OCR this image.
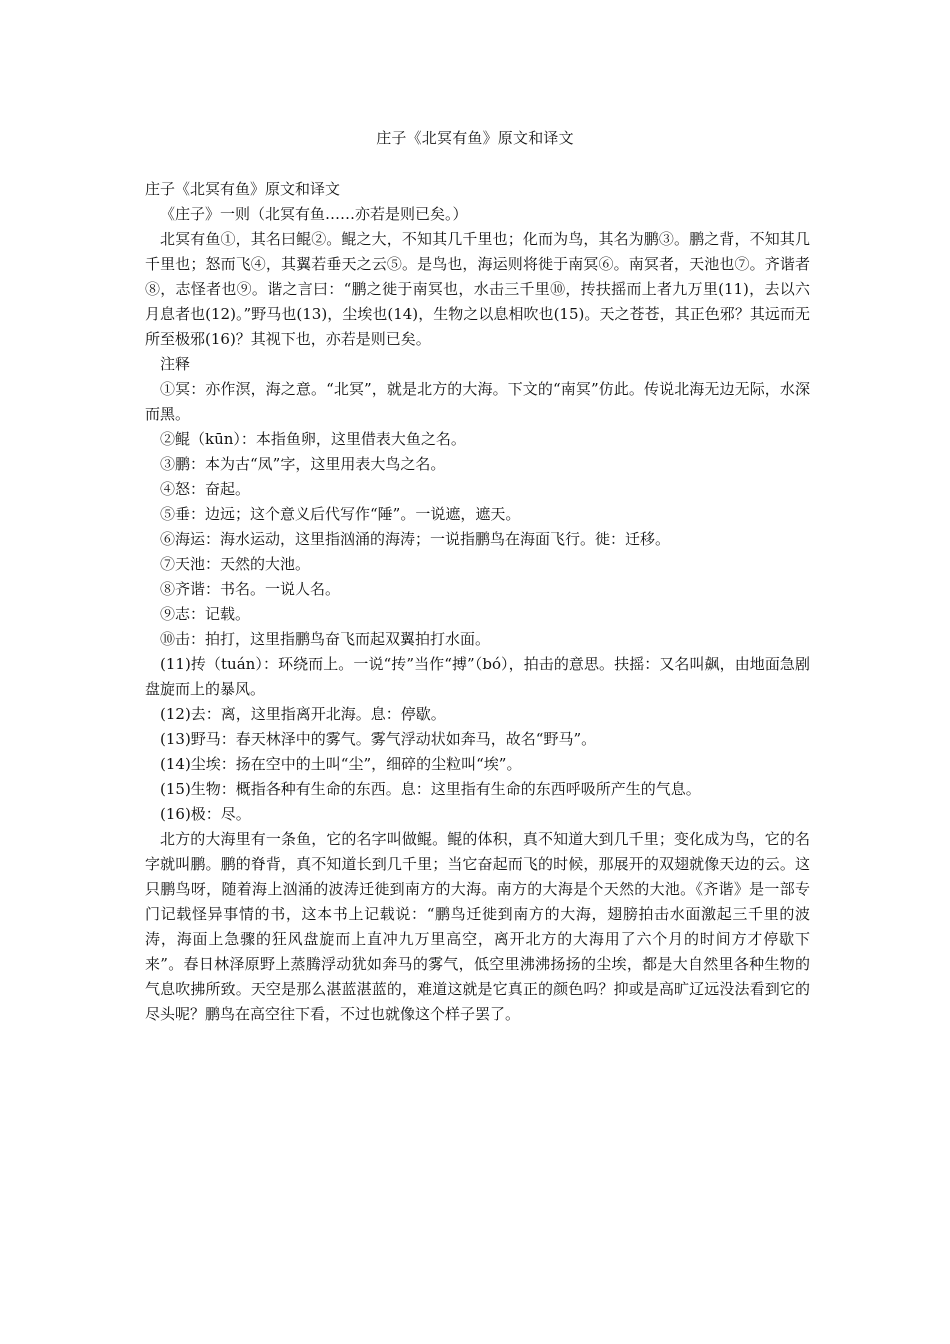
庄子《北冥有鱼》原文和译文

庄子《北冥有鱼》原文和译文

《庄子》一则（北冥有鱼……亦若是则已矣。）

北冥有鱼①，其名曰鲲②。鲲之大，不知其几千里也；化而为鸟，其名为鹏③。鹏之背，不知其几千里也；怒而飞④，其翼若垂天之云⑤。是鸟也，海运则将徙于南冥⑥。南冥者，天池也⑦。齐谐者⑧，志怪者也⑨。谐之言曰：“鹏之徙于南冥也，水击三千里⑩，抟扶摇而上者九万里(11)，去以六月息者也(12)。”野马也(13)，尘埃也(14)，生物之以息相吹也(15)。天之苍苍，其正色邪？其远而无所至极邪(16)？其视下也，亦若是则已矣。

注释

①冥：亦作溟，海之意。“北冥”，就是北方的大海。下文的“南冥”仿此。传说北海无边无际，水深而黑。

②鲲（kūn）：本指鱼卵，这里借表大鱼之名。

③鹏：本为古“凤”字，这里用表大鸟之名。

④怒：奋起。

⑤垂：边远；这个意义后代写作“陲”。一说遮，遮天。

⑥海运：海水运动，这里指汹涌的海涛；一说指鹏鸟在海面飞行。徙：迁移。

⑦天池：天然的大池。

⑧齐谐：书名。一说人名。

⑨志：记载。

⑩击：拍打，这里指鹏鸟奋飞而起双翼拍打水面。

(11)抟（tuán）：环绕而上。一说“抟”当作“搏”（bó），拍击的意思。扶摇：又名叫飙，由地面急剧盘旋而上的暴风。

(12)去：离，这里指离开北海。息：停歇。

(13)野马：春天林泽中的雾气。雾气浮动状如奔马，故名“野马”。

(14)尘埃：扬在空中的土叫“尘”，细碎的尘粒叫“埃”。

(15)生物：概指各种有生命的东西。息：这里指有生命的东西呼吸所产生的气息。

(16)极：尽。

北方的大海里有一条鱼，它的名字叫做鲲。鲲的体积，真不知道大到几千里；变化成为鸟，它的名字就叫鹏。鹏的脊背，真不知道长到几千里；当它奋起而飞的时候，那展开的双翅就像天边的云。这只鹏鸟呀，随着海上汹涌的波涛迁徙到南方的大海。南方的大海是个天然的大池。《齐谐》是一部专门记载怪异事情的书，这本书上记载说：“鹏鸟迁徙到南方的大海，翅膀拍击水面激起三千里的波涛，海面上急骤的狂风盘旋而上直冲九万里高空，离开北方的大海用了六个月的时间方才停歇下来”。春日林泽原野上蒸腾浮动犹如奔马的雾气，低空里沸沸扬扬的尘埃，都是大自然里各种生物的气息吹拂所致。天空是那么湛蓝湛蓝的，难道这就是它真正的颜色吗？抑或是高旷辽远没法看到它的尽头呢？鹏鸟在高空往下看，不过也就像这个样子罢了。
